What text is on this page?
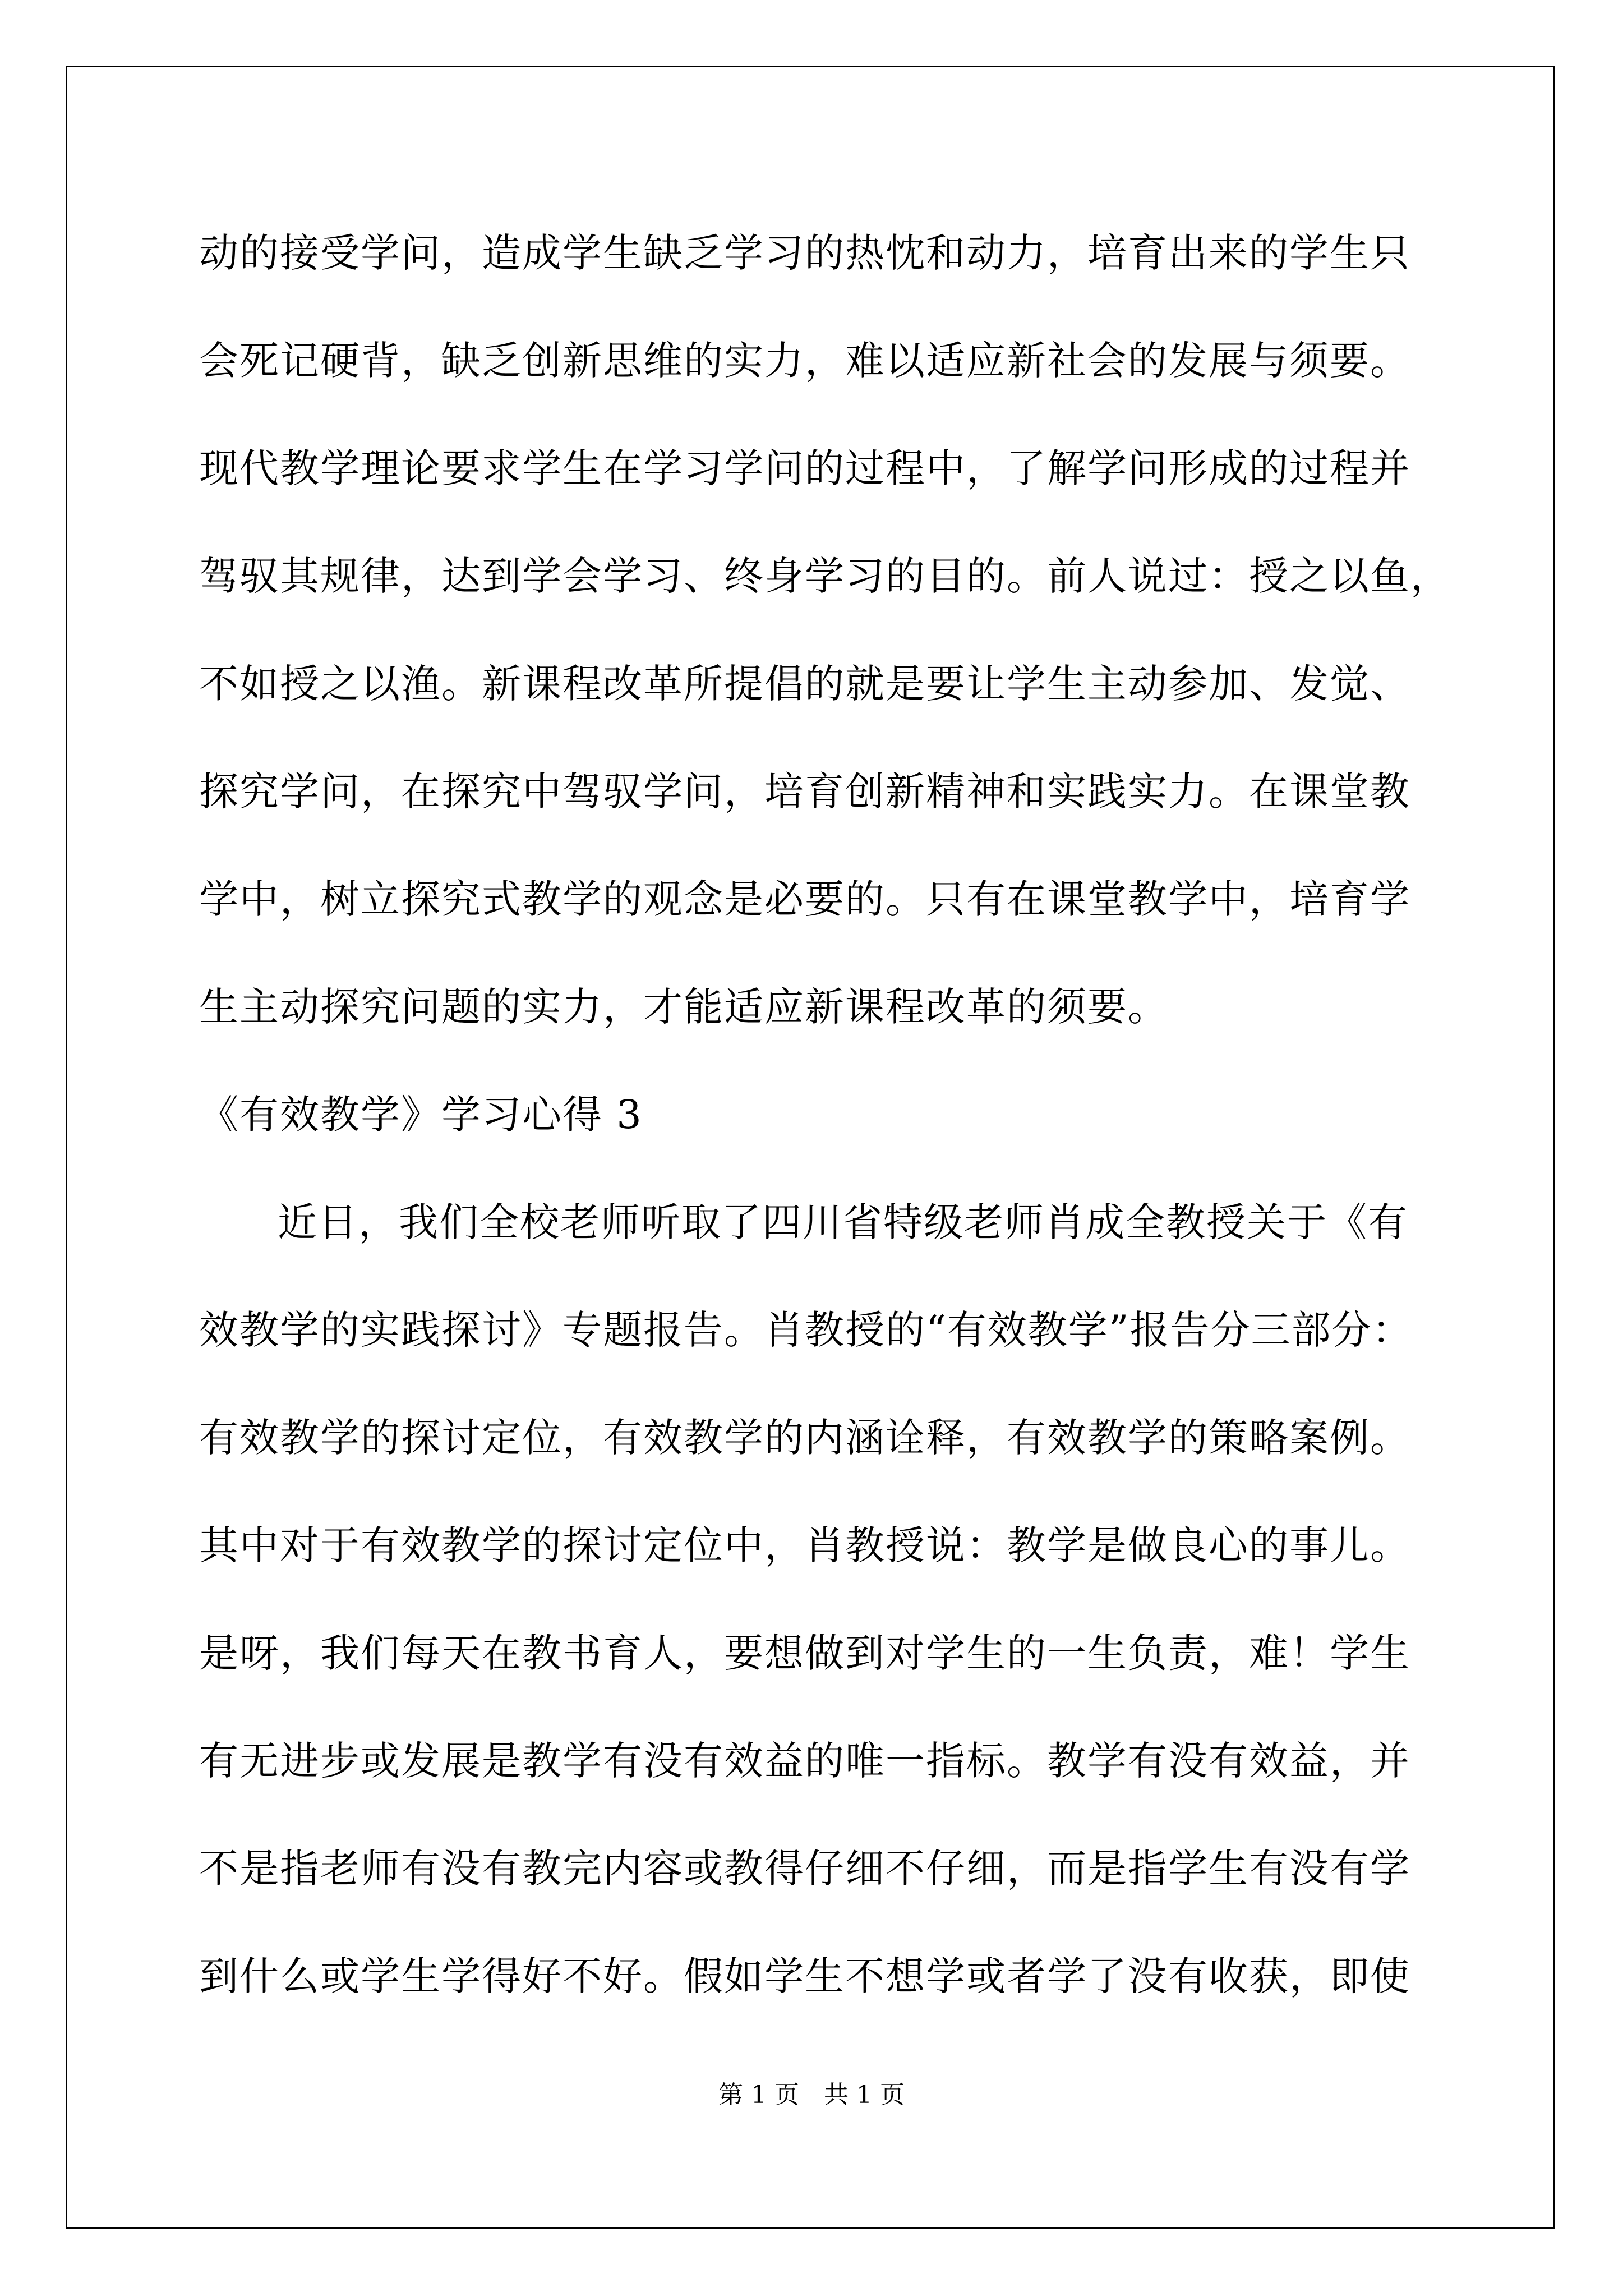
动的接受学问，造成学生缺乏学习的热忱和动力，培育出来的学生只
会死记硬背，缺乏创新思维的实力，难以适应新社会的发展与须要。
现代教学理论要求学生在学习学问的过程中，了解学问形成的过程并
驾驭其规律，达到学会学习、终身学习的目的。前人说过：授之以鱼，
不如授之以渔。新课程改革所提倡的就是要让学生主动参加、发觉、
探究学问，在探究中驾驭学问，培育创新精神和实践实力。在课堂教
学中，树立探究式教学的观念是必要的。只有在课堂教学中，培育学
生主动探究问题的实力，才能适应新课程改革的须要。
《有效教学》学习心得 3
近日，我们全校老师听取了四川省特级老师肖成全教授关于《有
效教学的实践探讨》专题报告。肖教授的“有效教学”报告分三部分：
有效教学的探讨定位，有效教学的内涵诠释，有效教学的策略案例。
其中对于有效教学的探讨定位中，肖教授说：教学是做良心的事儿。
是呀，我们每天在教书育人，要想做到对学生的一生负责，难！学生
有无进步或发展是教学有没有效益的唯一指标。教学有没有效益，并
不是指老师有没有教完内容或教得仔细不仔细，而是指学生有没有学
到什么或学生学得好不好。假如学生不想学或者学了没有收获，即使
第 1 页　共 1 页
